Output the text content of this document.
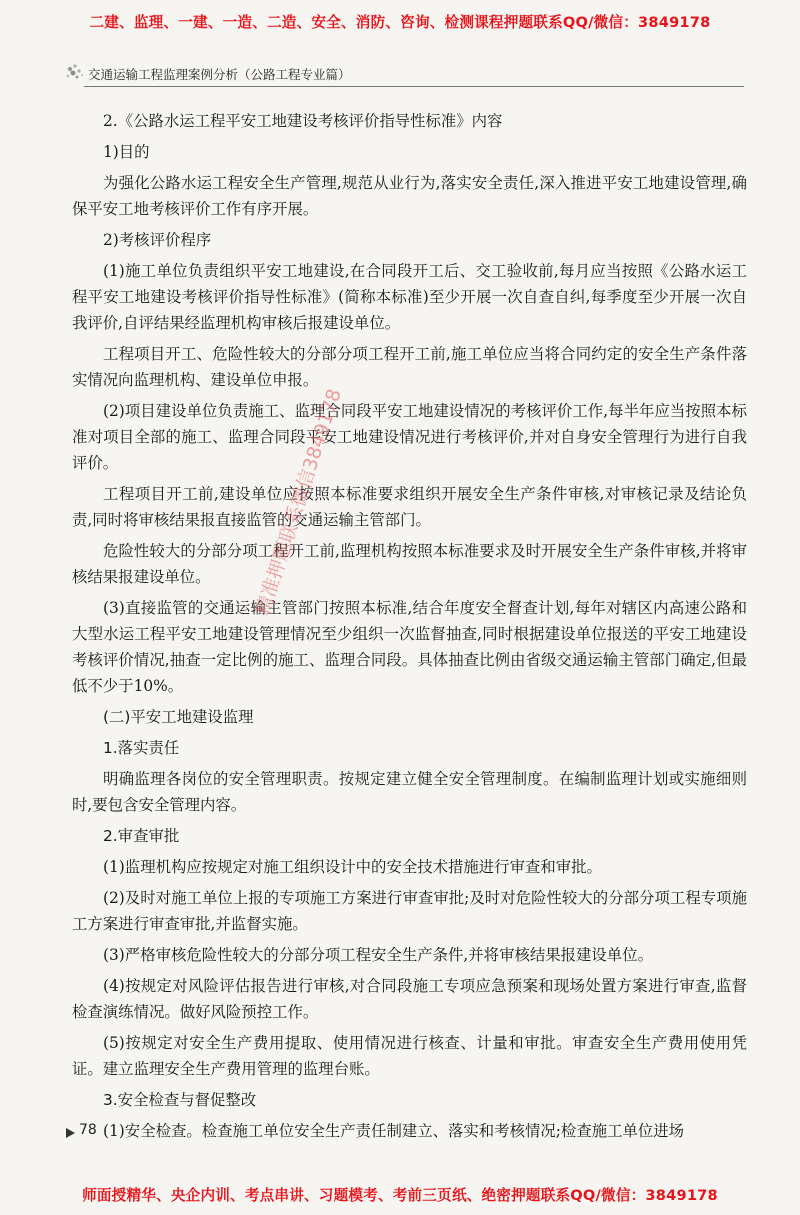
二建、监理、一建、一造、二造、安全、消防、咨询、检测课程押题联系QQ/微信：3849178
交通运输工程监理案例分析（公路工程专业篇）

2.《公路水运工程平安工地建设考核评价指导性标准》内容

1)目的

为强化公路水运工程安全生产管理,规范从业行为,落实安全责任,深入推进平安工地建设管理,确保平安工地考核评价工作有序开展。

2)考核评价程序

(1)施工单位负责组织平安工地建设,在合同段开工后、交工验收前,每月应当按照《公路水运工程平安工地建设考核评价指导性标准》(简称本标准)至少开展一次自查自纠,每季度至少开展一次自我评价,自评结果经监理机构审核后报建设单位。

工程项目开工、危险性较大的分部分项工程开工前,施工单位应当将合同约定的安全生产条件落实情况向监理机构、建设单位申报。

(2)项目建设单位负责施工、监理合同段平安工地建设情况的考核评价工作,每半年应当按照本标准对项目全部的施工、监理合同段平安工地建设情况进行考核评价,并对自身安全管理行为进行自我评价。

工程项目开工前,建设单位应按照本标准要求组织开展安全生产条件审核,对审核记录及结论负责,同时将审核结果报直接监管的交通运输主管部门。

危险性较大的分部分项工程开工前,监理机构按照本标准要求及时开展安全生产条件审核,并将审核结果报建设单位。

(3)直接监管的交通运输主管部门按照本标准,结合年度安全督查计划,每年对辖区内高速公路和大型水运工程平安工地建设管理情况至少组织一次监督抽查,同时根据建设单位报送的平安工地建设考核评价情况,抽查一定比例的施工、监理合同段。具体抽查比例由省级交通运输主管部门确定,但最低不少于10%。

(二)平安工地建设监理

1.落实责任

明确监理各岗位的安全管理职责。按规定建立健全安全管理制度。在编制监理计划或实施细则时,要包含安全管理内容。

2.审查审批

(1)监理机构应按规定对施工组织设计中的安全技术措施进行审查和审批。

(2)及时对施工单位上报的专项施工方案进行审查审批;及时对危险性较大的分部分项工程专项施工方案进行审查审批,并监督实施。

(3)严格审核危险性较大的分部分项工程安全生产条件,并将审核结果报建设单位。

(4)按规定对风险评估报告进行审核,对合同段施工专项应急预案和现场处置方案进行审查,监督检查演练情况。做好风险预控工作。

(5)按规定对安全生产费用提取、使用情况进行核查、计量和审批。审查安全生产费用使用凭证。建立监理安全生产费用管理的监理台账。

3.安全检查与督促整改

(1)安全检查。检查施工单位安全生产责任制建立、落实和考核情况;检查施工单位进场

精准押题联系微信3849178
78
师面授精华、央企内训、考点串讲、习题模考、考前三页纸、绝密押题联系QQ/微信：3849178
